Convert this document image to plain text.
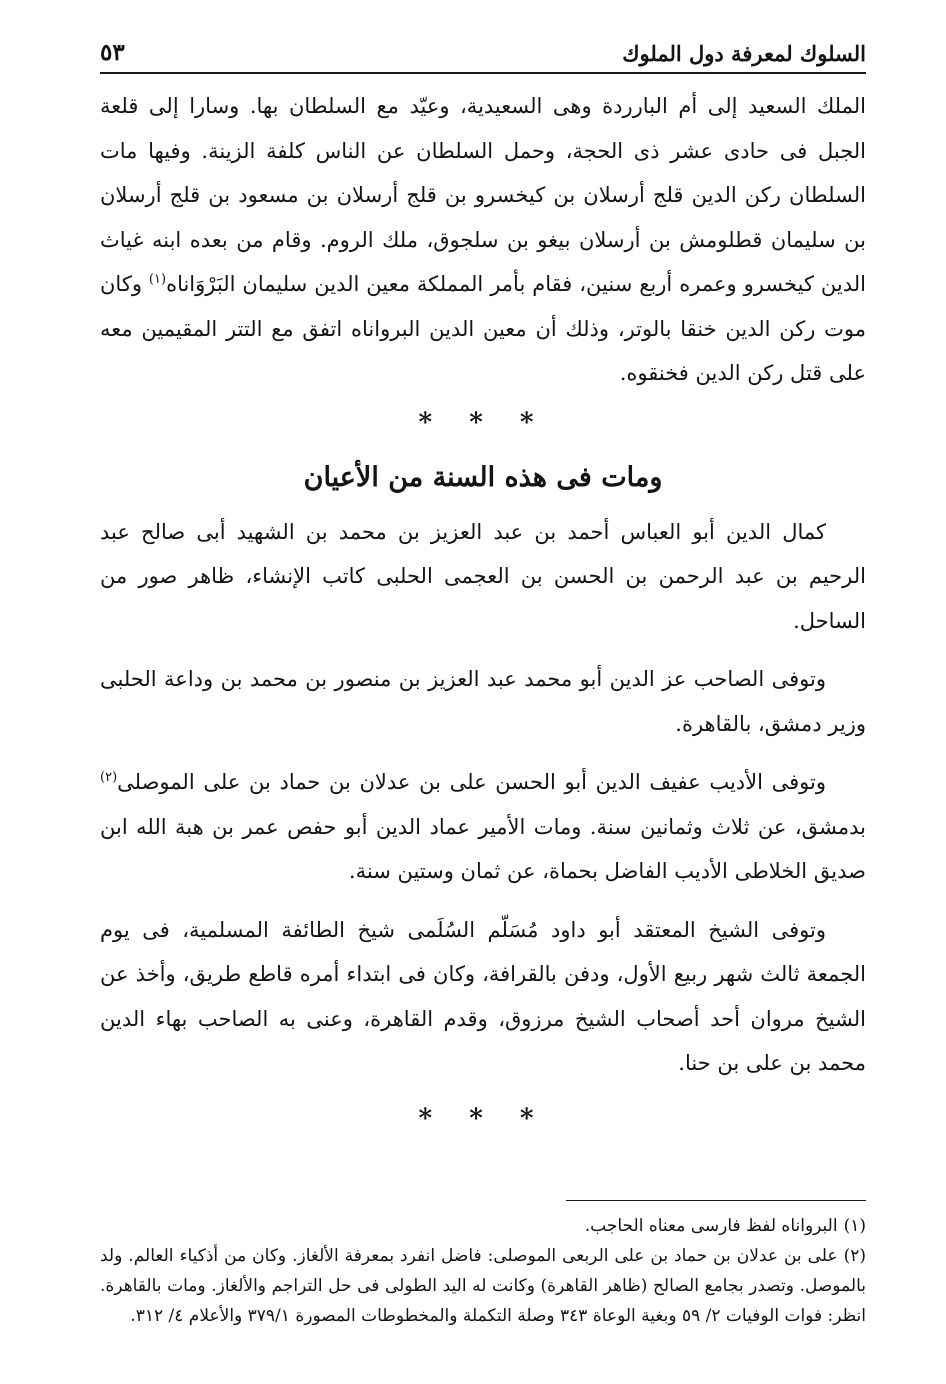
السلوك لمعرفة دول الملوك
٥٣

الملك السعيد إلى أم البارردة وهى السعيدية، وعيّد مع السلطان بها. وسارا إلى قلعة الجبل فى حادى عشر ذى الحجة، وحمل السلطان عن الناس كلفة الزينة. وفيها مات السلطان ركن الدين قلج أرسلان بن كيخسرو بن قلج أرسلان بن مسعود بن قلج أرسلان بن سليمان قطلومش بن أرسلان بيغو بن سلجوق، ملك الروم. وقام من بعده ابنه غياث الدين كيخسرو وعمره أربع سنين، فقام بأمر المملكة معين الدين سليمان البَرْوَاناه$^{(١)}$ وكان موت ركن الدين خنقا بالوتر، وذلك أن معين الدين البرواناه اتفق مع التتر المقيمين معه على قتل ركن الدين فخنقوه.

* * *
ومات فى هذه السنة من الأعيان

كمال الدين أبو العباس أحمد بن عبد العزيز بن محمد بن الشهيد أبى صالح عبد الرحيم بن عبد الرحمن بن الحسن بن العجمى الحلبى كاتب الإنشاء، ظاهر صور من الساحل.

وتوفى الصاحب عز الدين أبو محمد عبد العزيز بن منصور بن محمد بن وداعة الحلبى وزير دمشق، بالقاهرة.

وتوفى الأديب عفيف الدين أبو الحسن على بن عدلان بن حماد بن على الموصلى$^{(٢)}$ بدمشق، عن ثلاث وثمانين سنة. ومات الأمير عماد الدين أبو حفص عمر بن هبة الله ابن صديق الخلاطى الأديب الفاضل بحماة، عن ثمان وستين سنة.

وتوفى الشيخ المعتقد أبو داود مُسَلّم السُلَمى شيخ الطائفة المسلمية، فى يوم الجمعة ثالث شهر ربيع الأول، ودفن بالقرافة، وكان فى ابتداء أمره قاطع طريق، وأخذ عن الشيخ مروان أحد أصحاب الشيخ مرزوق، وقدم القاهرة، وعنى به الصاحب بهاء الدين محمد بن على بن حنا.

* * *

(١)البرواناه لفظ فارسى معناه الحاجب.

(٢)على بن عدلان بن حماد بن على الربعى الموصلى: فاضل انفرد بمعرفة الألغاز. وكان من أذكياء العالم. ولد بالموصل. وتصدر بجامع الصالح (ظاهر القاهرة) وكانت له اليد الطولى فى حل التراجم والألغاز. ومات بالقاهرة. انظر: فوات الوفيات ٢/ ٥٩ وبغية الوعاة ٣٤٣ وصلة التكملة والمخطوطات المصورة ٣٧٩/١ والأعلام ٤/ ٣١٢.
